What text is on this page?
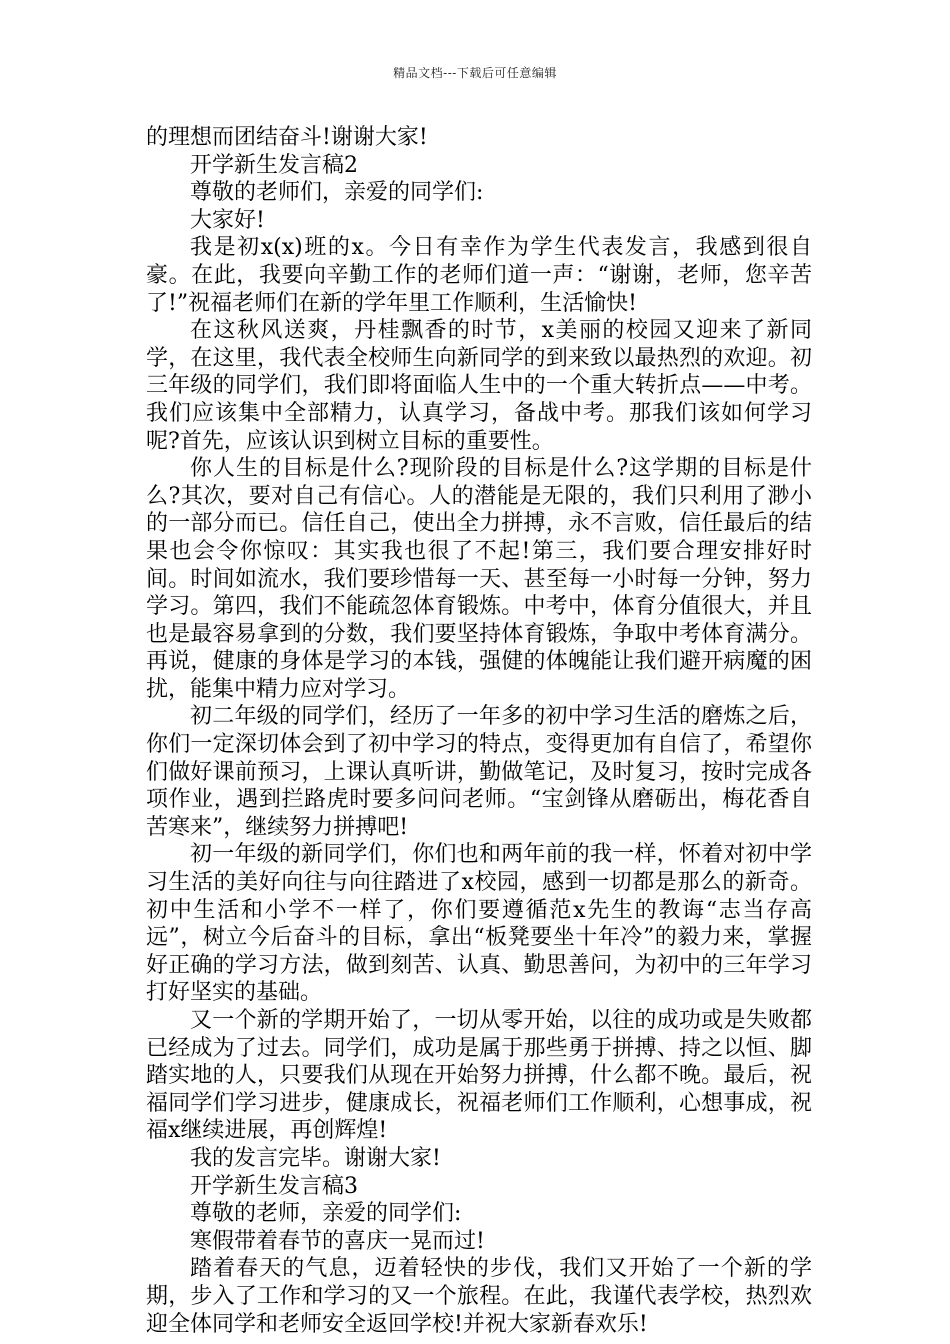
精品文档---下载后可任意编辑

的理想而团结奋斗!谢谢大家!

开学新生发言稿2

尊敬的老师们，亲爱的同学们:

大家好!

我是初x(x)班的x。今日有幸作为学生代表发言，我感到很自豪。在此，我要向辛勤工作的老师们道一声：“谢谢，老师，您辛苦了!”祝福老师们在新的学年里工作顺利，生活愉快!

在这秋风送爽，丹桂飘香的时节，x美丽的校园又迎来了新同学，在这里，我代表全校师生向新同学的到来致以最热烈的欢迎。初三年级的同学们，我们即将面临人生中的一个重大转折点——中考。我们应该集中全部精力，认真学习，备战中考。那我们该如何学习呢?首先，应该认识到树立目标的重要性。

你人生的目标是什么?现阶段的目标是什么?这学期的目标是什么?其次，要对自己有信心。人的潜能是无限的，我们只利用了渺小的一部分而已。信任自己，使出全力拼搏，永不言败，信任最后的结果也会令你惊叹：其实我也很了不起!第三，我们要合理安排好时间。时间如流水，我们要珍惜每一天、甚至每一小时每一分钟，努力学习。第四，我们不能疏忽体育锻炼。中考中，体育分值很大，并且也是最容易拿到的分数，我们要坚持体育锻炼，争取中考体育满分。再说，健康的身体是学习的本钱，强健的体魄能让我们避开病魔的困扰，能集中精力应对学习。

初二年级的同学们，经历了一年多的初中学习生活的磨炼之后，你们一定深切体会到了初中学习的特点，变得更加有自信了，希望你们做好课前预习，上课认真听讲，勤做笔记，及时复习，按时完成各项作业，遇到拦路虎时要多问问老师。“宝剑锋从磨砺出，梅花香自苦寒来”，继续努力拼搏吧!

初一年级的新同学们，你们也和两年前的我一样，怀着对初中学习生活的美好向往与向往踏进了x校园，感到一切都是那么的新奇。初中生活和小学不一样了，你们要遵循范x先生的教诲“志当存高远”，树立今后奋斗的目标，拿出“板凳要坐十年冷”的毅力来，掌握好正确的学习方法，做到刻苦、认真、勤思善问，为初中的三年学习打好坚实的基础。

又一个新的学期开始了，一切从零开始，以往的成功或是失败都已经成为了过去。同学们，成功是属于那些勇于拼搏、持之以恒、脚踏实地的人，只要我们从现在开始努力拼搏，什么都不晚。最后，祝福同学们学习进步，健康成长，祝福老师们工作顺利，心想事成，祝福x继续进展，再创辉煌!

我的发言完毕。谢谢大家!

开学新生发言稿3

尊敬的老师，亲爱的同学们:

寒假带着春节的喜庆一晃而过!

踏着春天的气息，迈着轻快的步伐，我们又开始了一个新的学期，步入了工作和学习的又一个旅程。在此，我谨代表学校，热烈欢迎全体同学和老师安全返回学校!并祝大家新春欢乐!
